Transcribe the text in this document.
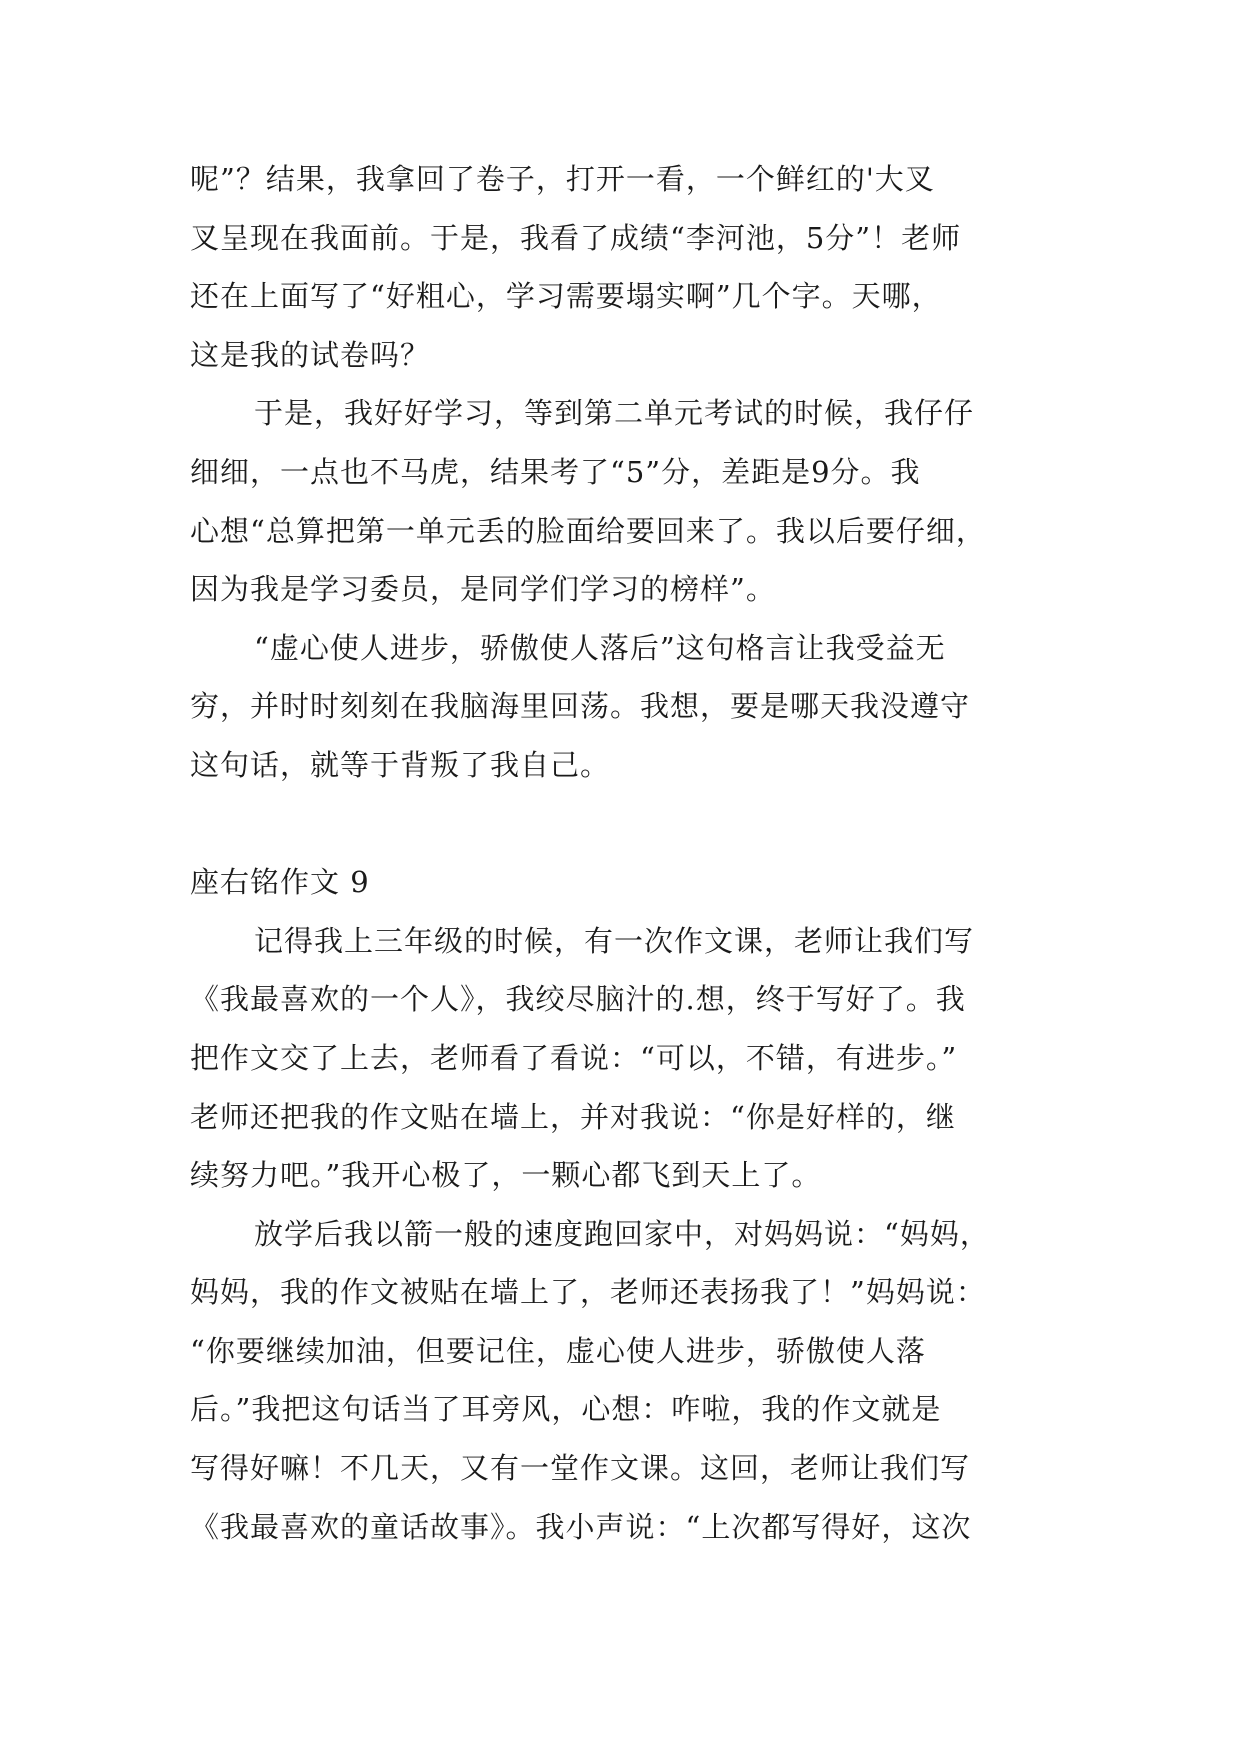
呢”？结果，我拿回了卷子，打开一看，一个鲜红的'大叉
叉呈现在我面前。于是，我看了成绩“李河池，5分”！老师
还在上面写了“好粗心，学习需要塌实啊”几个字。天哪，
这是我的试卷吗？
于是，我好好学习，等到第二单元考试的时候，我仔仔
细细，一点也不马虎，结果考了“5”分，差距是9分。我
心想“总算把第一单元丢的脸面给要回来了。我以后要仔细，
因为我是学习委员，是同学们学习的榜样”。
“虚心使人进步，骄傲使人落后”这句格言让我受益无
穷，并时时刻刻在我脑海里回荡。我想，要是哪天我没遵守
这句话，就等于背叛了我自己。
座右铭作文 9
记得我上三年级的时候，有一次作文课，老师让我们写
《我最喜欢的一个人》，我绞尽脑汁的.想，终于写好了。我
把作文交了上去，老师看了看说：“可以，不错，有进步。”
老师还把我的作文贴在墙上，并对我说：“你是好样的，继
续努力吧。”我开心极了，一颗心都飞到天上了。
放学后我以箭一般的速度跑回家中，对妈妈说：“妈妈，
妈妈，我的作文被贴在墙上了，老师还表扬我了！”妈妈说：
“你要继续加油，但要记住，虚心使人进步，骄傲使人落
后。”我把这句话当了耳旁风，心想：咋啦，我的作文就是
写得好嘛！不几天，又有一堂作文课。这回，老师让我们写
《我最喜欢的童话故事》。我小声说：“上次都写得好，这次
